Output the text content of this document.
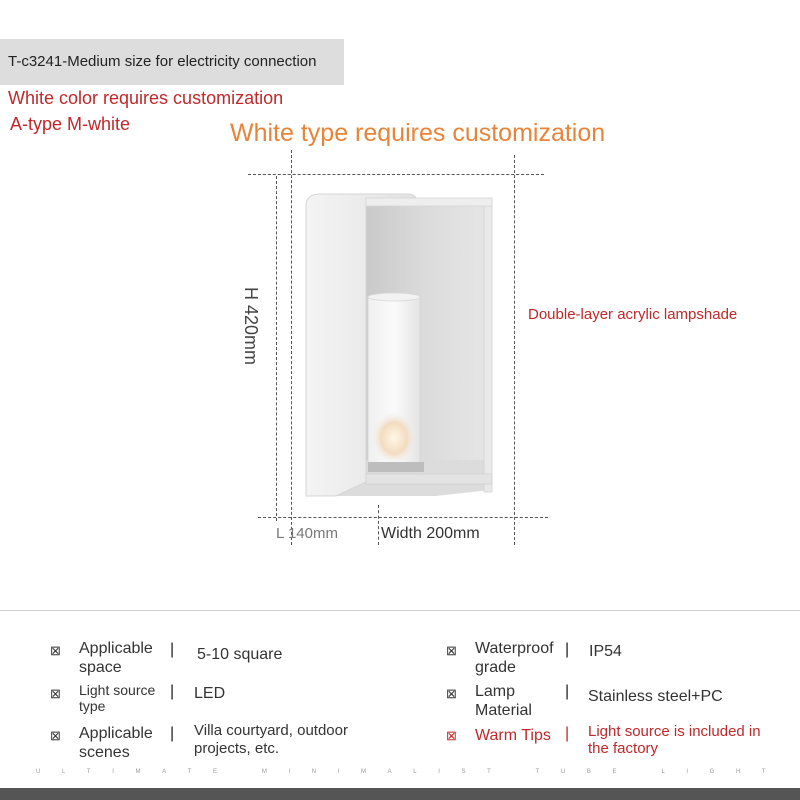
T-c3241-Medium size for electricity connection
White color requires customization
A-type M-white	White type requires customization
H 420mm
L 140mm	Width 200mm
Double-layer acrylic lampshade
⊠ Applicable space
| 5-10 square
⊠ Light source type
| LED
⊠ Applicable scenes
| Villa courtyard, outdoor projects, etc.
⊠ Waterproof grade
| IP54
⊠ Lamp Material
| Stainless steel+PC
⊠ Warm Tips | Light source is included in the factory
U	L	T	I	M	A	T	E
	M	I	N	I	M	A	L	I	S	T
	T	U	B	E
	L	I	G	H	T
